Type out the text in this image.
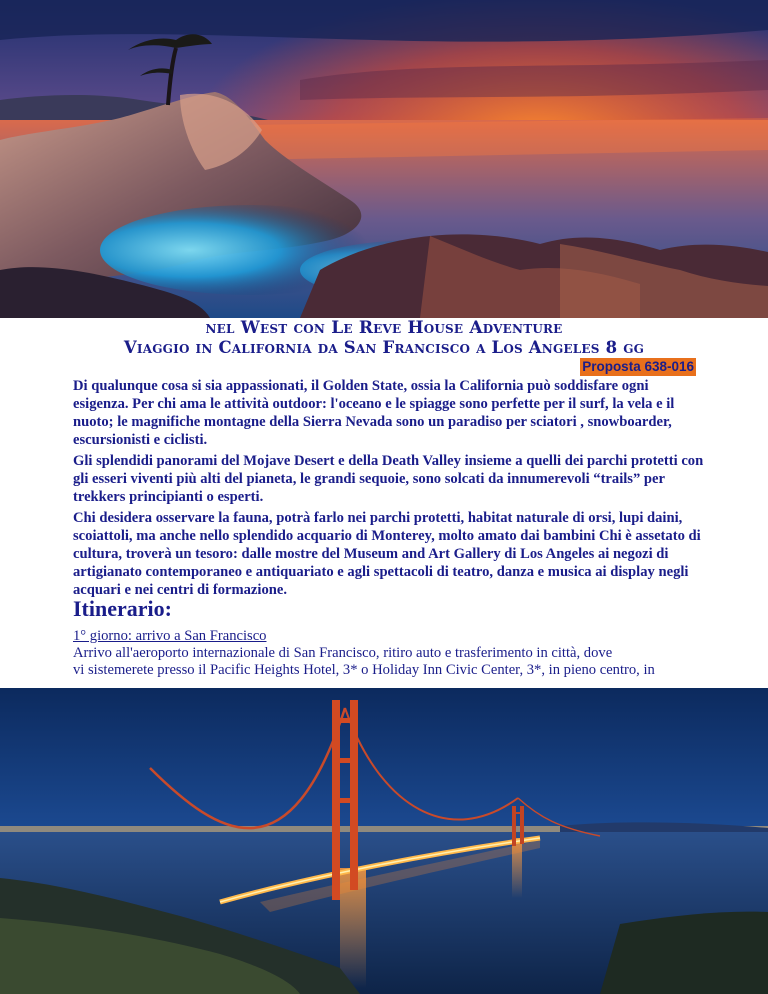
nel West con Le Reve House Adventure
Viaggio in California da San Francisco a Los Angeles 8 gg
Proposta 638-016

Di qualunque cosa si sia appassionati, il Golden State, ossia la California può soddisfare ogni esigenza. Per chi ama le attività outdoor: l'oceano e le spiagge sono perfette per il surf, la vela e il nuoto; le magnifiche montagne della Sierra Nevada sono un paradiso per sciatori , snowboarder, escursionisti e ciclisti.

Gli splendidi panorami del Mojave Desert e della Death Valley insieme a quelli dei parchi protetti con gli esseri viventi più alti del pianeta, le grandi sequoie, sono solcati da innumerevoli “trails” per trekkers principianti o esperti.

Chi desidera osservare la fauna, potrà farlo nei parchi protetti, habitat naturale di orsi, lupi daini, scoiattoli, ma anche nello splendido acquario di Monterey, molto amato dai bambini Chi è assetato di cultura, troverà un tesoro: dalle mostre del Museum and Art Gallery di Los Angeles ai negozi di artigianato contemporaneo e antiquariato e agli spettacoli di teatro, danza e musica ai display negli acquari e nei centri di formazione.

Itinerario:
1° giorno: arrivo a San Francisco
Arrivo all'aeroporto internazionale di San Francisco, ritiro auto e trasferimento in città, dove
vi sistemerete presso il Pacific Heights Hotel, 3* o Holiday Inn Civic Center, 3*, in pieno centro, in
